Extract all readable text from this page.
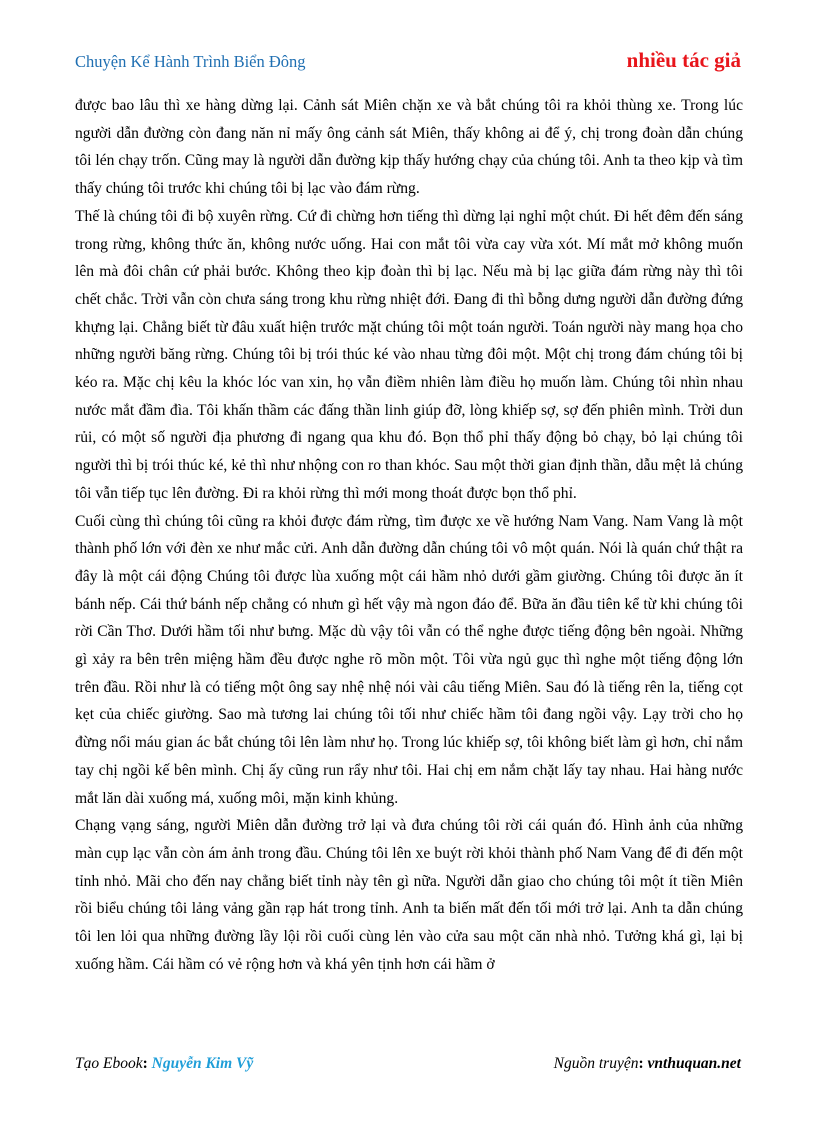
Chuyện Kể Hành Trình Biển Đông	nhiều tác giả

được bao lâu thì xe hàng dừng lại. Cảnh sát Miên chặn xe và bắt chúng tôi ra khỏi thùng xe. Trong lúc người dẫn đường còn đang năn nỉ mấy ông cảnh sát Miên, thấy không ai để ý, chị trong đoàn dẫn chúng tôi lén chạy trốn. Cũng may là người dẫn đường kịp thấy hướng chạy của chúng tôi. Anh ta theo kịp và tìm thấy chúng tôi trước khi chúng tôi bị lạc vào đám rừng.

Thế là chúng tôi đi bộ xuyên rừng. Cứ đi chừng hơn tiếng thì dừng lại nghỉ một chút. Đi hết đêm đến sáng trong rừng, không thức ăn, không nước uống. Hai con mắt tôi vừa cay vừa xót. Mí mắt mở không muốn lên mà đôi chân cứ phải bước. Không theo kịp đoàn thì bị lạc. Nếu mà bị lạc giữa đám rừng này thì tôi chết chắc. Trời vẫn còn chưa sáng trong khu rừng nhiệt đới. Đang đi thì bỗng dưng người dẫn đường đứng khựng lại. Chẳng biết từ đâu xuất hiện trước mặt chúng tôi một toán người. Toán người này mang họa cho những người băng rừng. Chúng tôi bị trói thúc ké vào nhau từng đôi một. Một chị trong đám chúng tôi bị kéo ra. Mặc chị kêu la khóc lóc van xin, họ vẫn điềm nhiên làm điều họ muốn làm. Chúng tôi nhìn nhau nước mắt đầm đìa. Tôi khấn thầm các đấng thần linh giúp đỡ, lòng khiếp sợ, sợ đến phiên mình. Trời dun rủi, có một số người địa phương đi ngang qua khu đó. Bọn thổ phỉ thấy động bỏ chạy, bỏ lại chúng tôi người thì bị trói thúc ké, kẻ thì như nhộng con ro than khóc. Sau một thời gian định thần, dẫu mệt lả chúng tôi vẫn tiếp tục lên đường. Đi ra khỏi rừng thì mới mong thoát được bọn thổ phỉ.

Cuối cùng thì chúng tôi cũng ra khỏi được đám rừng, tìm được xe về hướng Nam Vang. Nam Vang là một thành phố lớn với đèn xe như mắc cửi. Anh dẫn đường dẫn chúng tôi vô một quán. Nói là quán chứ thật ra đây là một cái động Chúng tôi được lùa xuống một cái hầm nhỏ dưới gầm giường. Chúng tôi được ăn ít bánh nếp. Cái thứ bánh nếp chẳng có nhưn gì hết vậy mà ngon đáo để. Bữa ăn đầu tiên kể từ khi chúng tôi rời Cần Thơ. Dưới hầm tối như bưng. Mặc dù vậy tôi vẫn có thể nghe được tiếng động bên ngoài. Những gì xảy ra bên trên miệng hầm đều được nghe rõ mồn một. Tôi vừa ngủ gục thì nghe một tiếng động lớn trên đầu. Rồi như là có tiếng một ông say nhệ nhệ nói vài câu tiếng Miên. Sau đó là tiếng rên la, tiếng cọt kẹt của chiếc giường. Sao mà tương lai chúng tôi tối như chiếc hầm tôi đang ngồi vậy. Lạy trời cho họ đừng nổi máu gian ác bắt chúng tôi lên làm như họ. Trong lúc khiếp sợ, tôi không biết làm gì hơn, chỉ nắm tay chị ngồi kế bên mình. Chị ấy cũng run rẩy như tôi. Hai chị em nắm chặt lấy tay nhau. Hai hàng nước mắt lăn dài xuống má, xuống môi, mặn kinh khủng.

Chạng vạng sáng, người Miên dẫn đường trở lại và đưa chúng tôi rời cái quán đó. Hình ảnh của những màn cụp lạc vẫn còn ám ảnh trong đầu. Chúng tôi lên xe buýt rời khỏi thành phố Nam Vang để đi đến một tỉnh nhỏ. Mãi cho đến nay chẳng biết tỉnh này tên gì nữa. Người dẫn giao cho chúng tôi một ít tiền Miên rồi biểu chúng tôi lảng vảng gần rạp hát trong tỉnh. Anh ta biến mất đến tối mới trở lại. Anh ta dẫn chúng tôi len lỏi qua những đường lầy lội rồi cuối cùng lẻn vào cửa sau một căn nhà nhỏ. Tưởng khá gì, lại bị xuống hầm. Cái hầm có vẻ rộng hơn và khá yên tịnh hơn cái hầm ở

Tạo Ebook: Nguyễn Kim Vỹ	Nguồn truyện: vnthuquan.net
